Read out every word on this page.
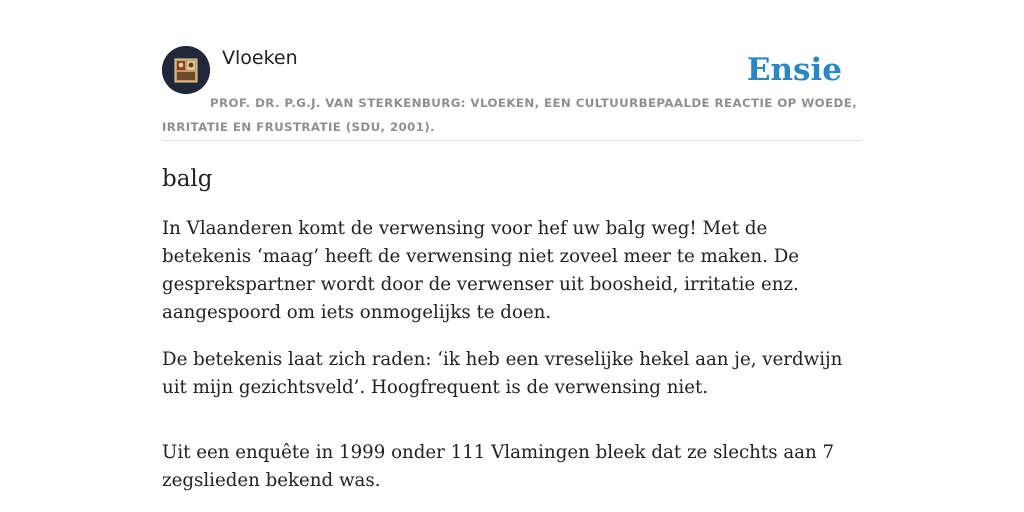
Vloeken	Ensie
PROF. DR. P.G.J. VAN STERKENBURG: VLOEKEN, EEN CULTUURBEPAALDE REACTIE OP WOEDE, IRRITATIE EN FRUSTRATIE (SDU, 2001).
balg

In Vlaanderen komt de verwensing voor hef uw balg weg! Met de betekenis ‘maag’ heeft de verwensing niet zoveel meer te maken. De gesprekspartner wordt door de verwenser uit boosheid, irritatie enz. aangespoord om iets onmogelijks te doen.

De betekenis laat zich raden: ‘ik heb een vreselijke hekel aan je, verdwijn uit mijn gezichtsveld’. Hoogfrequent is de verwensing niet.

Uit een enquête in 1999 onder 111 Vlamingen bleek dat ze slechts aan 7 zegslieden bekend was.
